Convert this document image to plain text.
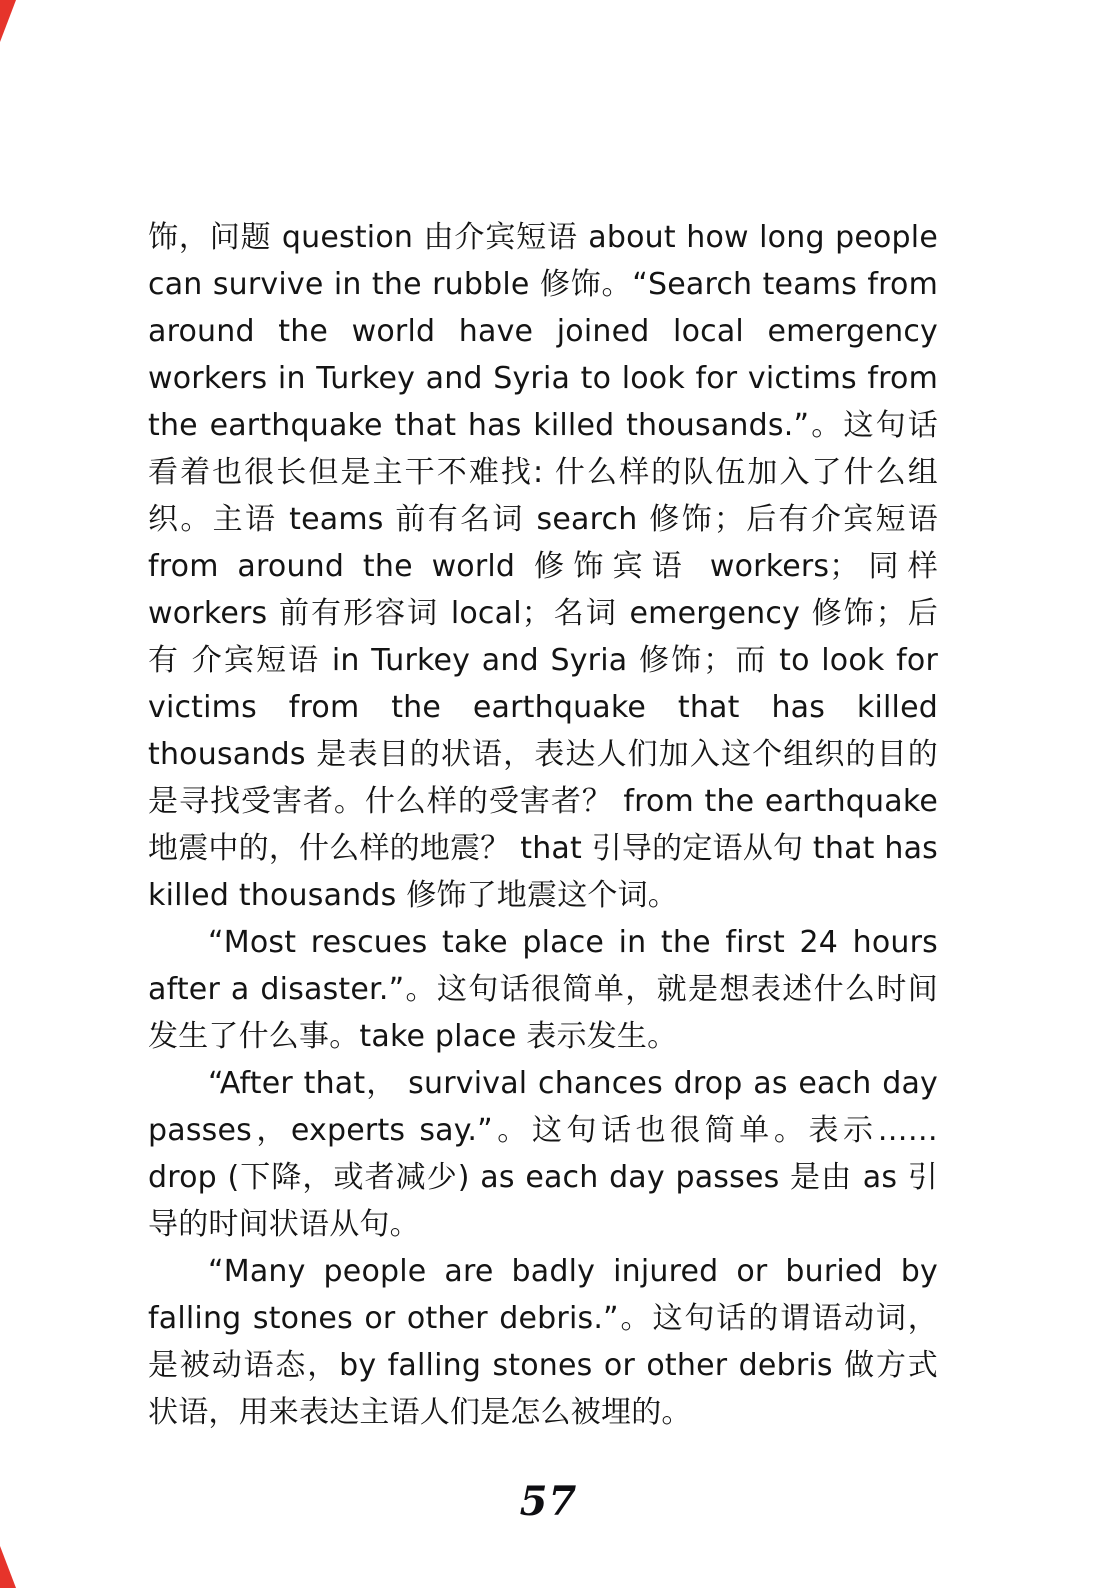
饰，问题 question 由介宾短语 about how long people can survive in the rubble 修饰。“Search teams from around the world have joined local emergency workers in Turkey and Syria to look for victims from the earthquake that has killed thousands.”。这句话看着也很长但是主干不难找: 什么样的队伍加入了什么组织。主语 teams 前有名词 search 修饰；后有介宾短语 from around the world 修饰宾语 workers；同样 workers 前有形容词 local；名词 emergency 修饰；后有 介宾短语 in Turkey and Syria 修饰；而 to look for victims from the earthquake that has killed thousands 是表目的状语，表达人们加入这个组织的目的是寻找受害者。什么样的受害者？ from the earthquake 地震中的，什么样的地震？ that 引导的定语从句 that has killed thousands 修饰了地震这个词。

“Most rescues take place in the first 24 hours after a disaster.”。这句话很简单，就是想表述什么时间发生了什么事。take place 表示发生。

“After that， survival chances drop as each day passes，experts say.”。这句话也很简单。表示……drop (下降，或者减少) as each day passes 是由 as 引导的时间状语从句。

“Many people are badly injured or buried by falling stones or other debris.”。这句话的谓语动词，是被动语态，by falling stones or other debris 做方式状语，用来表达主语人们是怎么被埋的。

57
